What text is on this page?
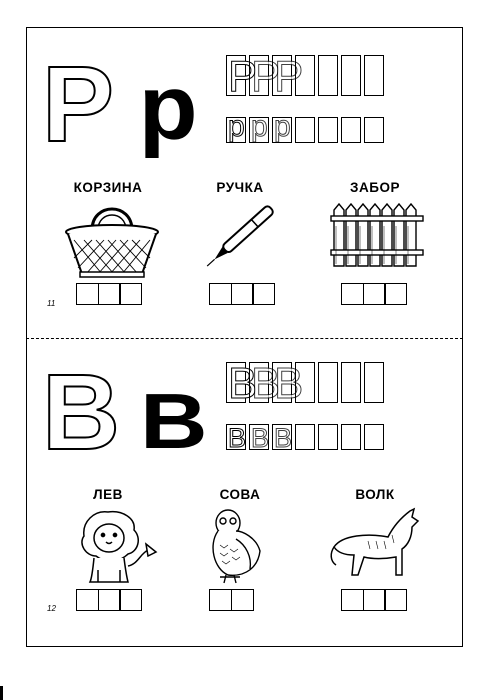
P p P
P
P
p p p
КОРЗИНА	РУЧКА	ЗАБОР
11
B B B
B
B
B B B
ЛЕВ	СОВА	ВОЛК
12
